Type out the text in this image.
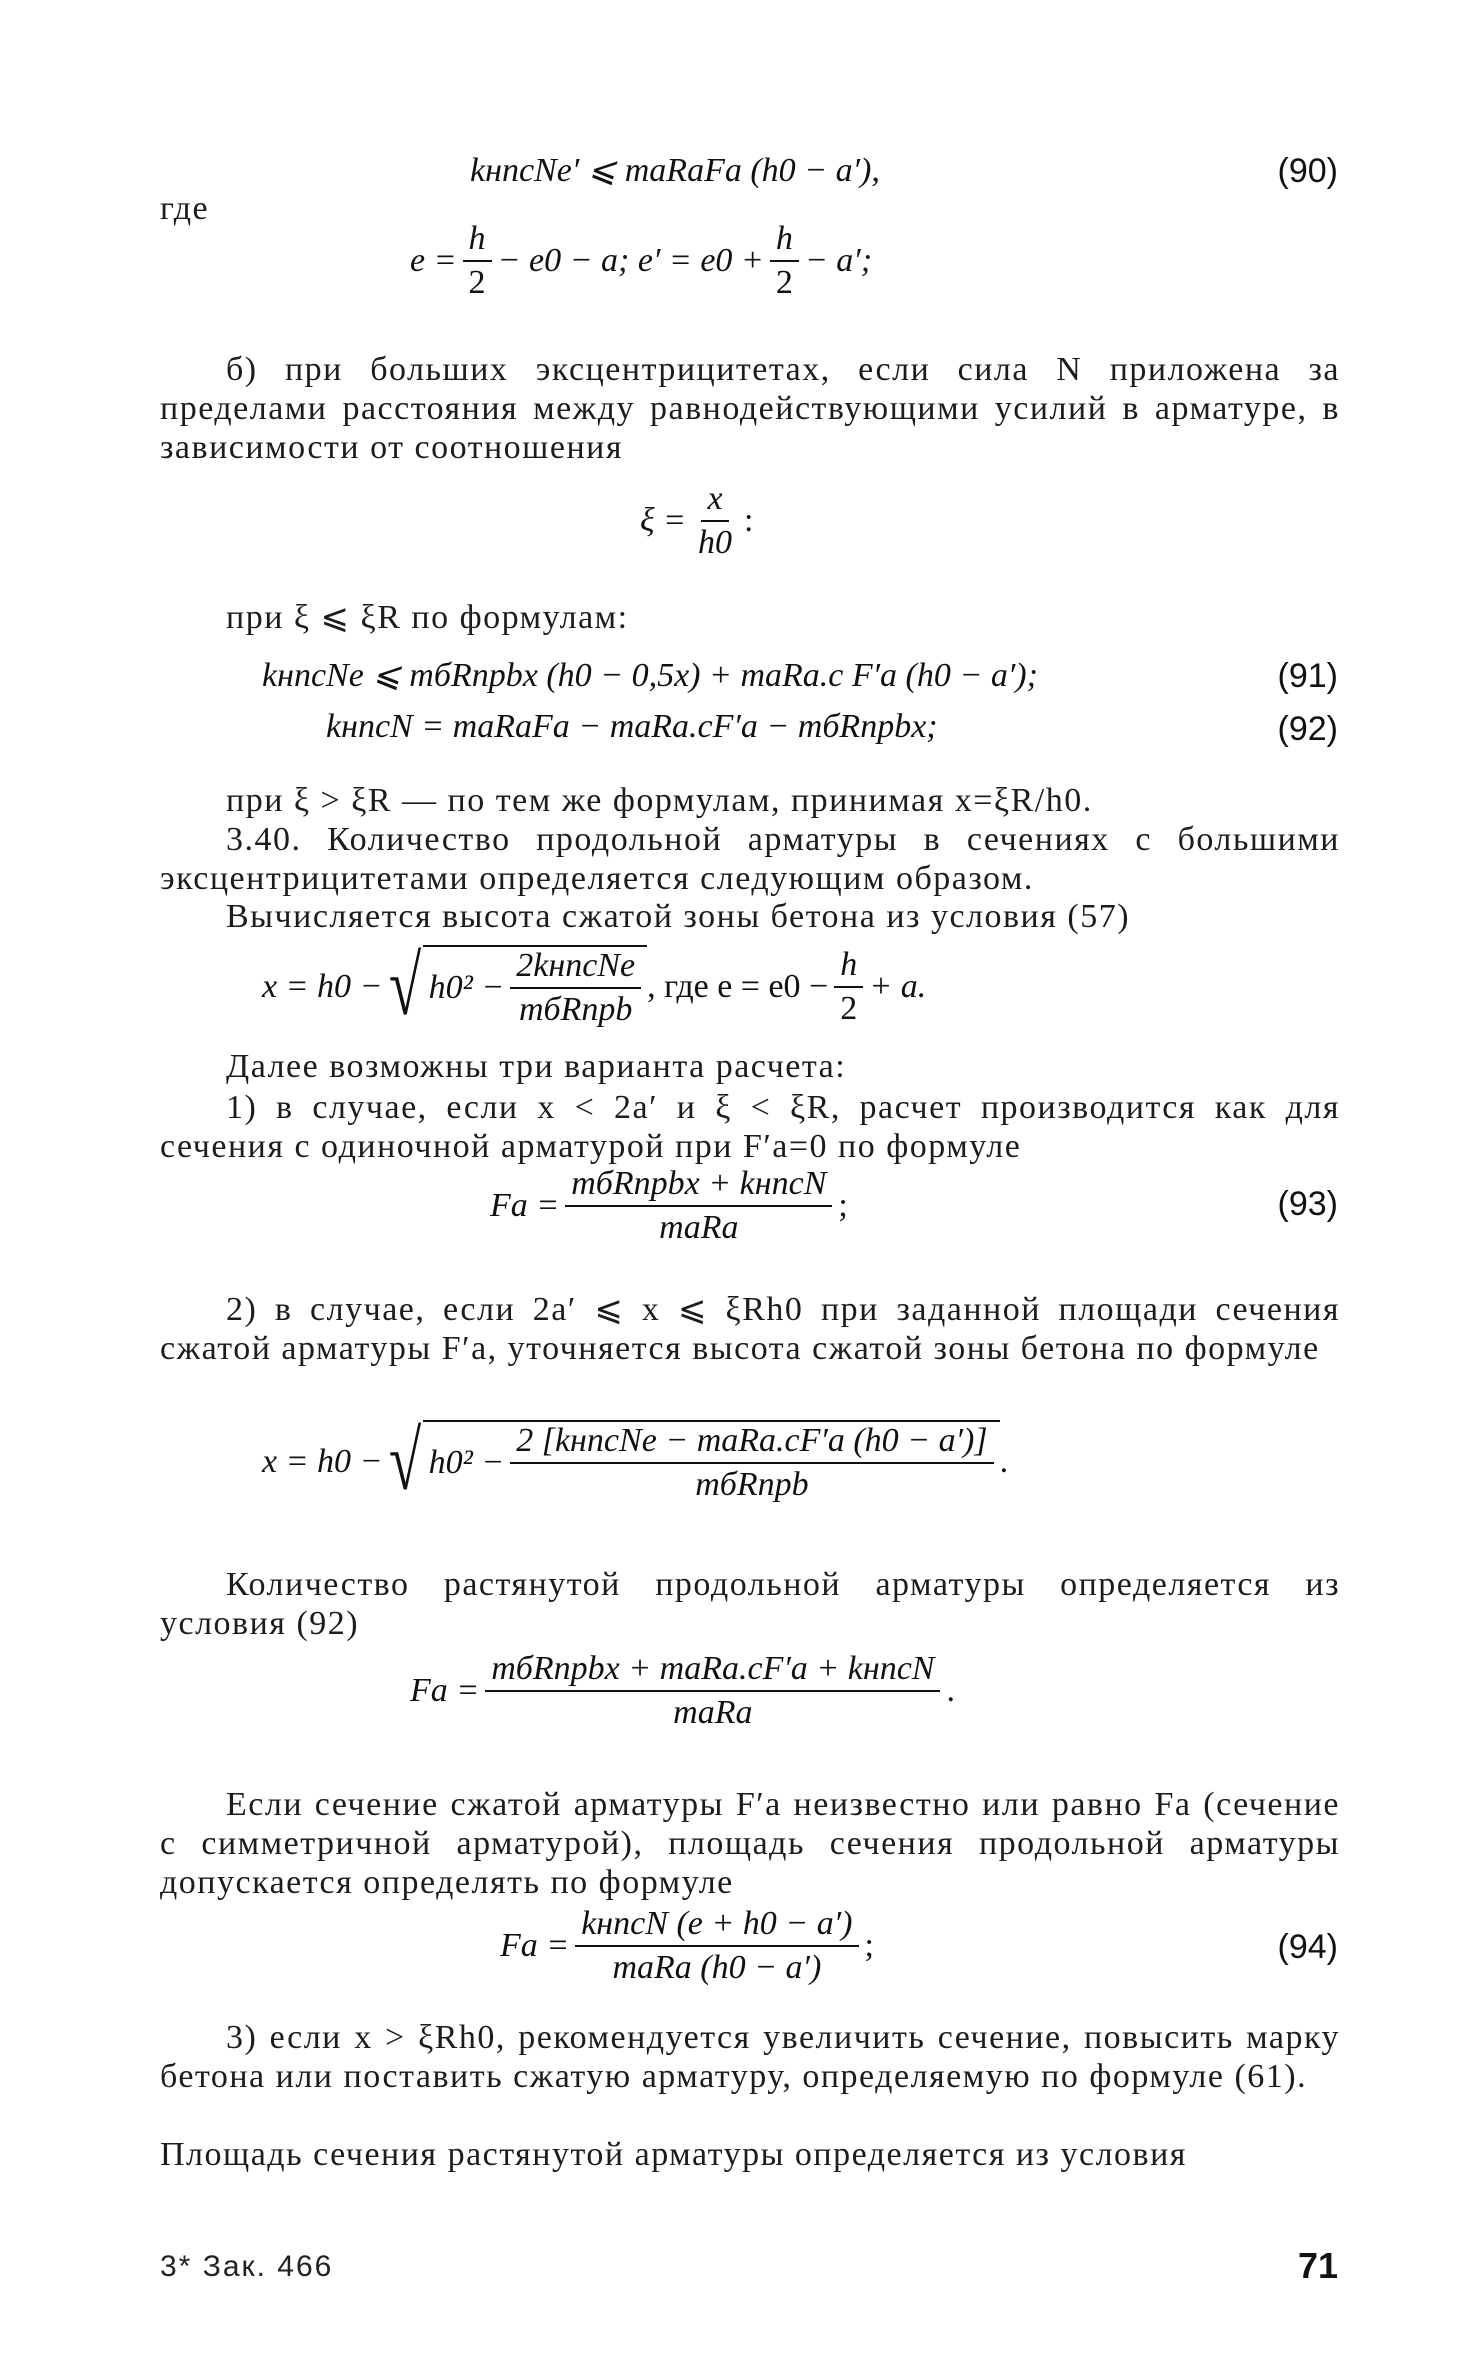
kнncNe′ ⩽ maRaFa (h0 − a′),	(90)
где
$e = \frac{h}{2} - e0 - a$; $e' = e0 + \frac{h}{2} - a'$;
б) при больших эксцентрицитетах, если сила N приложена за пределами расстояния между равнодействующими усилий в арматуре, в зависимости от соотношения
$\xi = \frac{x}{h0}$ :
при ξ ⩽ ξR по формулам:
kнncNe ⩽ mбRпрbx (h0 − 0,5x) + maRa.c F′a (h0 − a′);	(91)
kнncN = maRaFa − maRa.cF′a − mбRпрbx;	(92)
при ξ > ξR — по тем же формулам, принимая x=ξR/h0.
3.40. Количество продольной арматуры в сечениях с большими эксцентрицитетами определяется следующим образом.
Вычисляется высота сжатой зоны бетона из условия (57)
x = h0 − √ $h0^2 - \frac{\text{2kнncNe}}{\text{mбRпрb}}$ , где $e = e0 - \frac{h}{2} + a$.
Далее возможны три варианта расчета:
1) в случае, если x < 2a′ и ξ < ξR, расчет производится как для сечения с одиночной арматурой при F′a=0 по формуле
$Fa = \frac{\text{mбRпрbx + kнncN}}{\text{maRa}}$ ;	(93)
2) в случае, если 2a′ ⩽ x ⩽ ξRh0 при заданной площади сечения сжатой арматуры F′a, уточняется высота сжатой зоны бетона по формуле
x = h0 − √ $h0^2 - \frac{\text{2 [kнncNe − maRa.cF′a (h0 − a′)]}}{\text{mбRпрb}}$ .
Количество растянутой продольной арматуры определяется из условия (92)
$Fa = \frac{\text{mбRпрbx + maRa.cF′a + kнncN}}{\text{maRa}}$ .
Если сечение сжатой арматуры F′a неизвестно или равно Fa (сечение с симметричной арматурой), площадь сечения продольной арматуры допускается определять по формуле
$Fa = \frac{\text{kнncN (e + h0 − a′)}}{\text{maRa (h0 − a′)}}$ ;	(94)
3) если x > ξRh0, рекомендуется увеличить сечение, повысить марку бетона или поставить сжатую арматуру, определяемую по формуле (61).
Площадь сечения растянутой арматуры определяется из условия
3* Зак. 466	71
